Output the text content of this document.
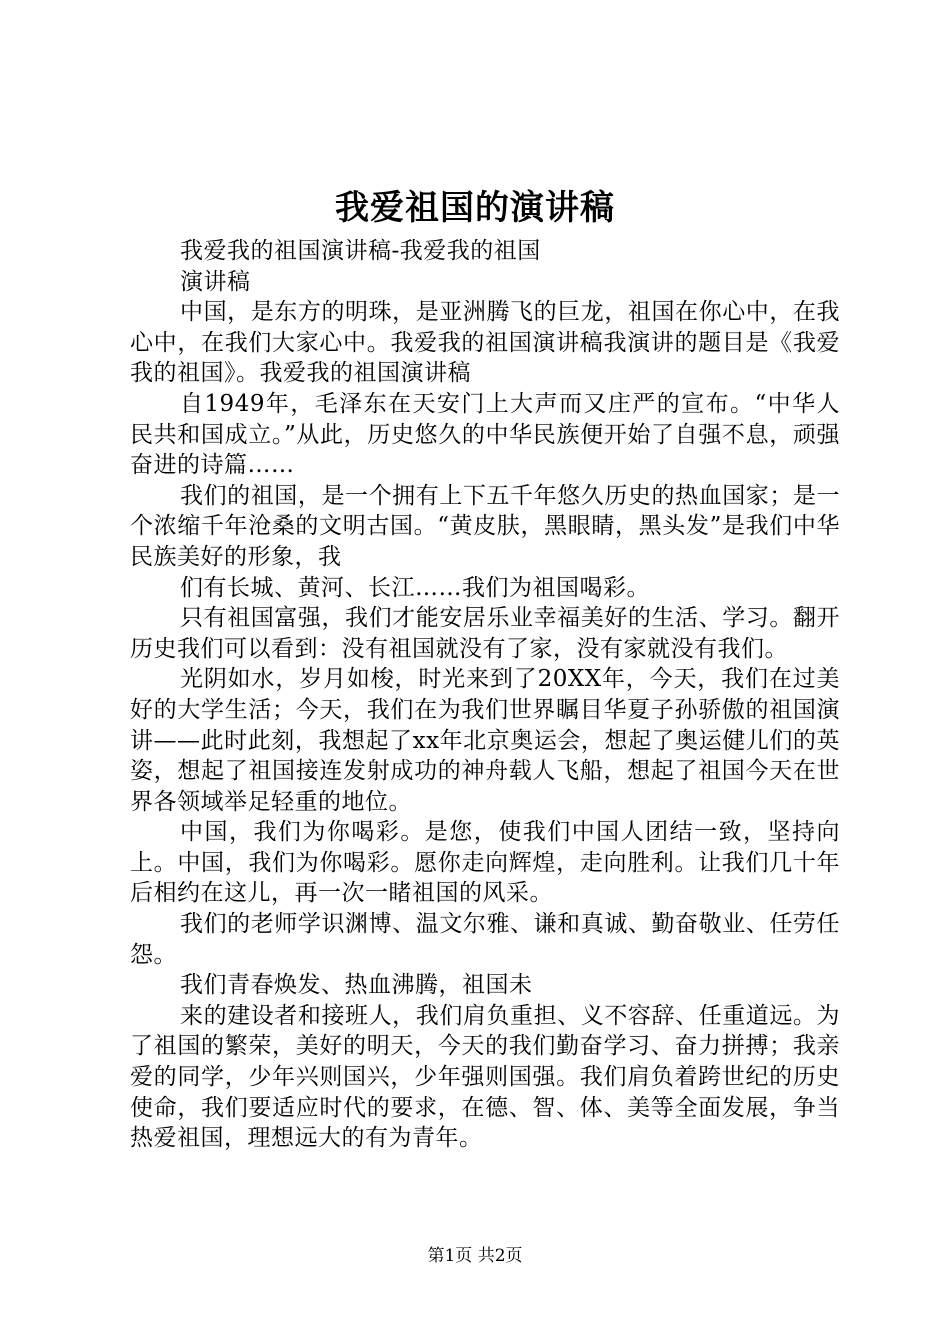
我爱祖国的演讲稿

我爱我的祖国演讲稿-我爱我的祖国

演讲稿

中国，是东方的明珠，是亚洲腾飞的巨龙，祖国在你心中，在我心中，在我们大家心中。我爱我的祖国演讲稿我演讲的题目是《我爱我的祖国》。我爱我的祖国演讲稿

自1949年，毛泽东在天安门上大声而又庄严的宣布。“中华人民共和国成立。”从此，历史悠久的中华民族便开始了自强不息，顽强奋进的诗篇……

我们的祖国，是一个拥有上下五千年悠久历史的热血国家；是一个浓缩千年沧桑的文明古国。“黄皮肤，黑眼睛，黑头发”是我们中华民族美好的形象，我

们有长城、黄河、长江……我们为祖国喝彩。

只有祖国富强，我们才能安居乐业幸福美好的生活、学习。翻开历史我们可以看到：没有祖国就没有了家，没有家就没有我们。

光阴如水，岁月如梭，时光来到了20XX年，今天，我们在过美好的大学生活；今天，我们在为我们世界瞩目华夏子孙骄傲的祖国演讲——此时此刻，我想起了xx年北京奥运会，想起了奥运健儿们的英姿，想起了祖国接连发射成功的神舟载人飞船，想起了祖国今天在世界各领域举足轻重的地位。

中国，我们为你喝彩。是您，使我们中国人团结一致，坚持向上。中国，我们为你喝彩。愿你走向辉煌，走向胜利。让我们几十年后相约在这儿，再一次一睹祖国的风采。

我们的老师学识渊博、温文尔雅、谦和真诚、勤奋敬业、任劳任怨。

我们青春焕发、热血沸腾，祖国未

来的建设者和接班人，我们肩负重担、义不容辞、任重道远。为了祖国的繁荣，美好的明天，今天的我们勤奋学习、奋力拼搏；我亲爱的同学，少年兴则国兴，少年强则国强。我们肩负着跨世纪的历史使命，我们要适应时代的要求，在德、智、体、美等全面发展，争当热爱祖国，理想远大的有为青年。

第1页 共2页
